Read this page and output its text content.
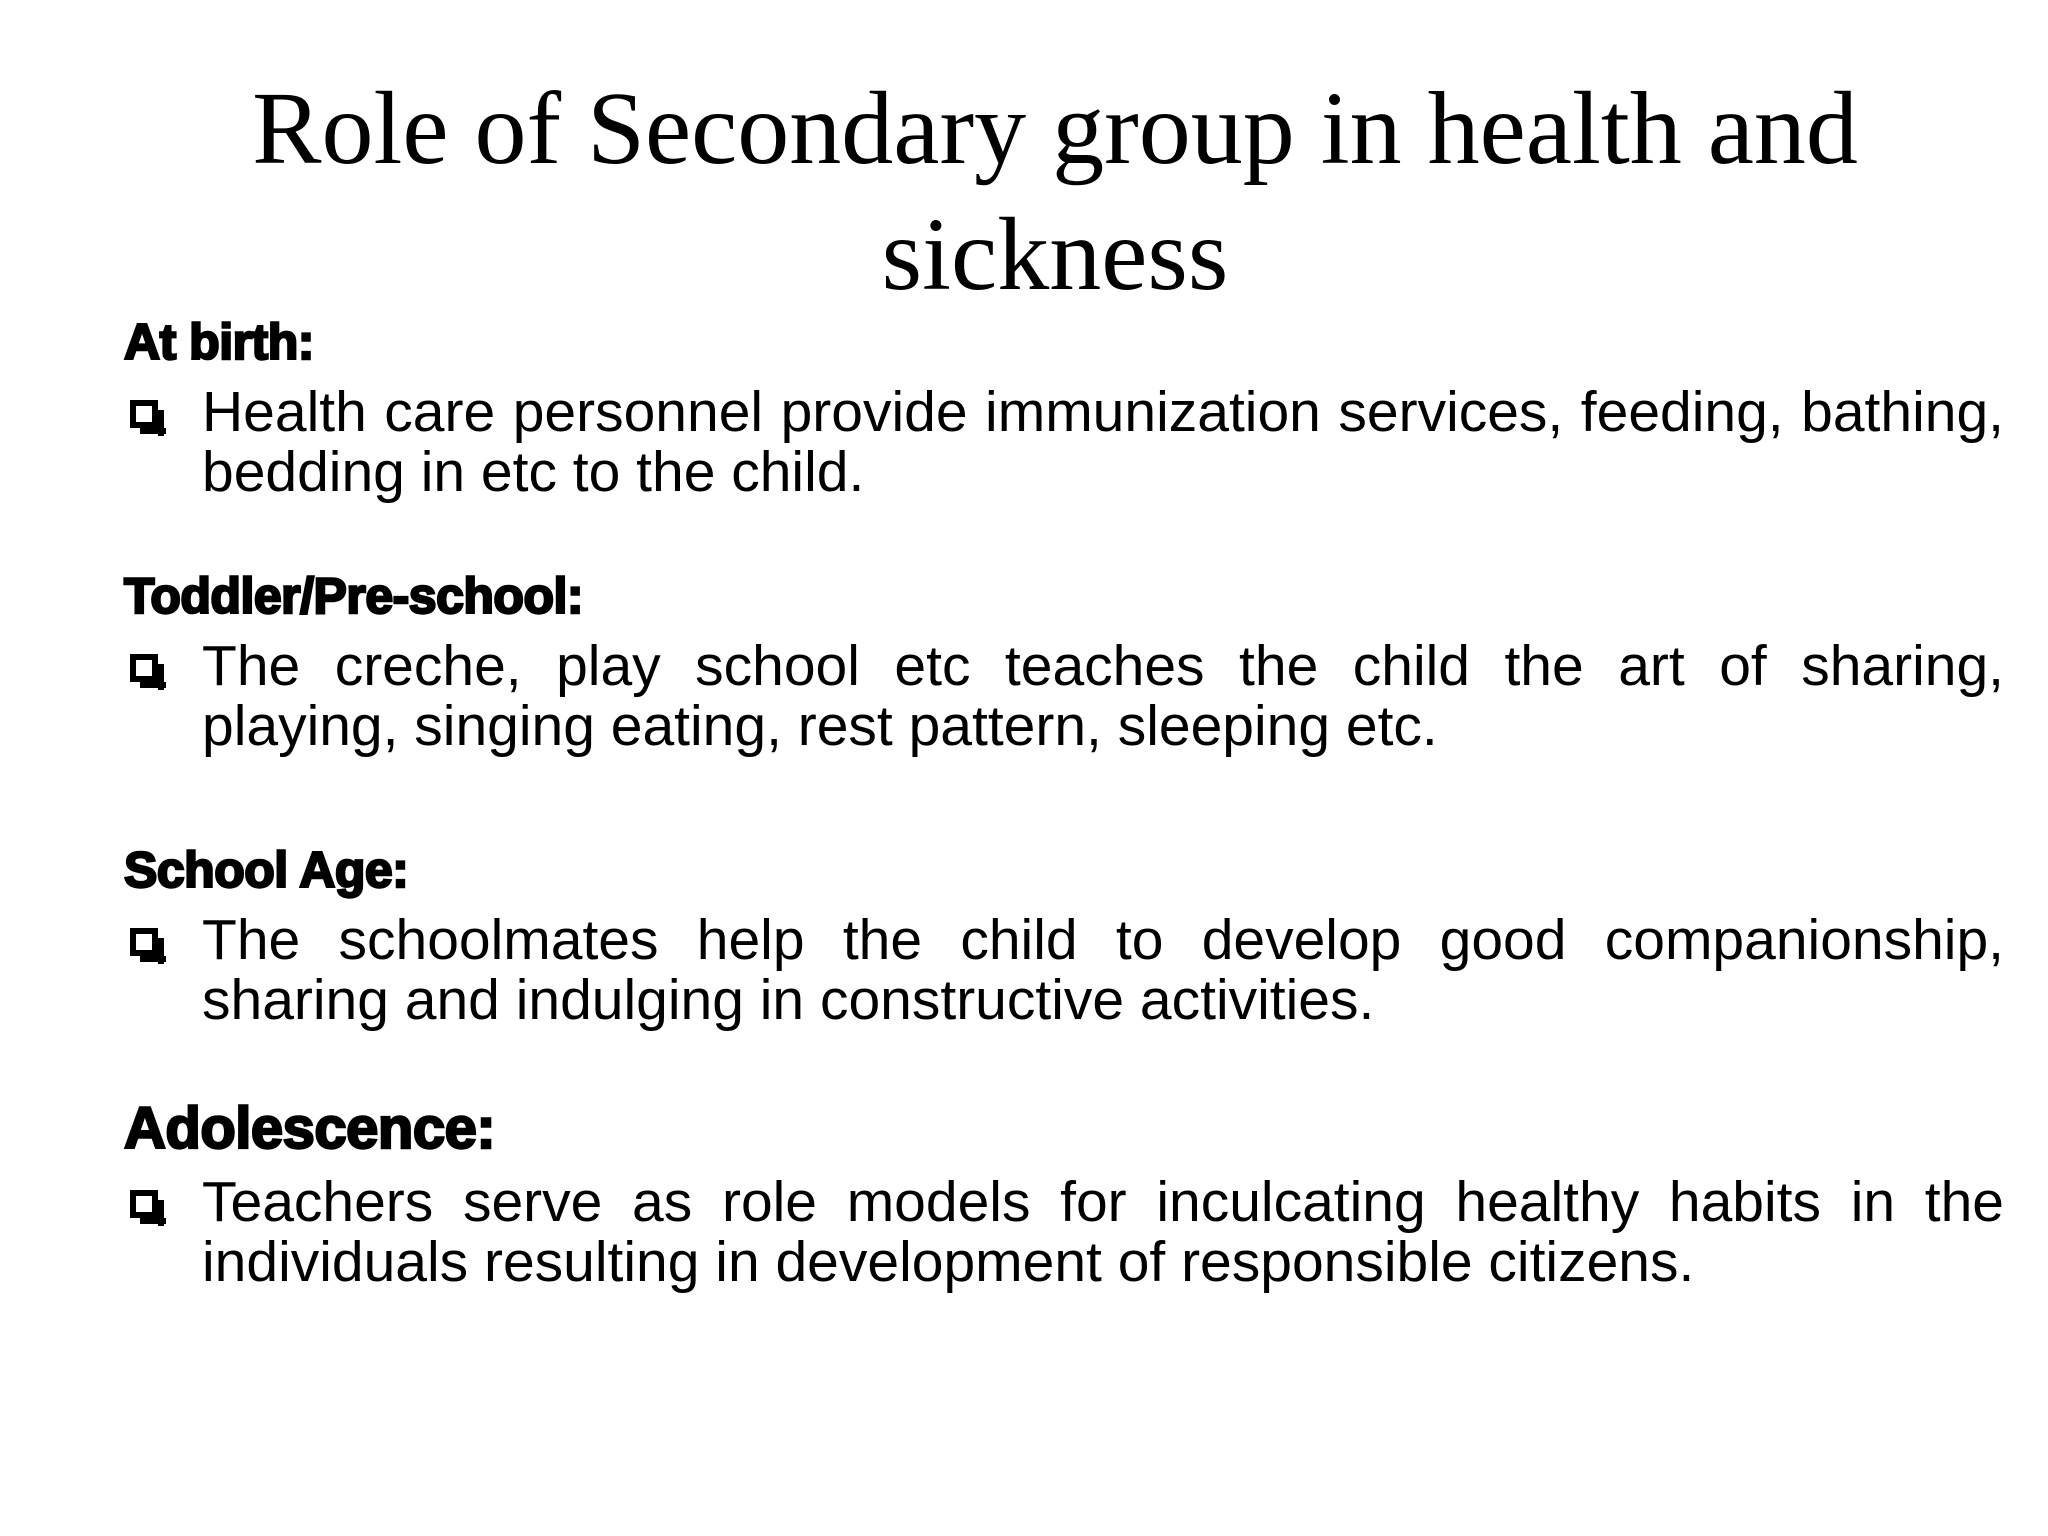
Role of Secondary group in health and sickness
At birth:

Health care personnel provide immunization services, feeding, bathing, bedding in etc to the child.

Toddler/Pre-school:

The creche, play school etc teaches the child the art of sharing, playing, singing eating, rest pattern, sleeping etc.

School Age:

The schoolmates help the child to develop good companionship, sharing and indulging in constructive activities.

Adolescence:

Teachers serve as role models for inculcating healthy habits in the individuals resulting in development of responsible citizens.
